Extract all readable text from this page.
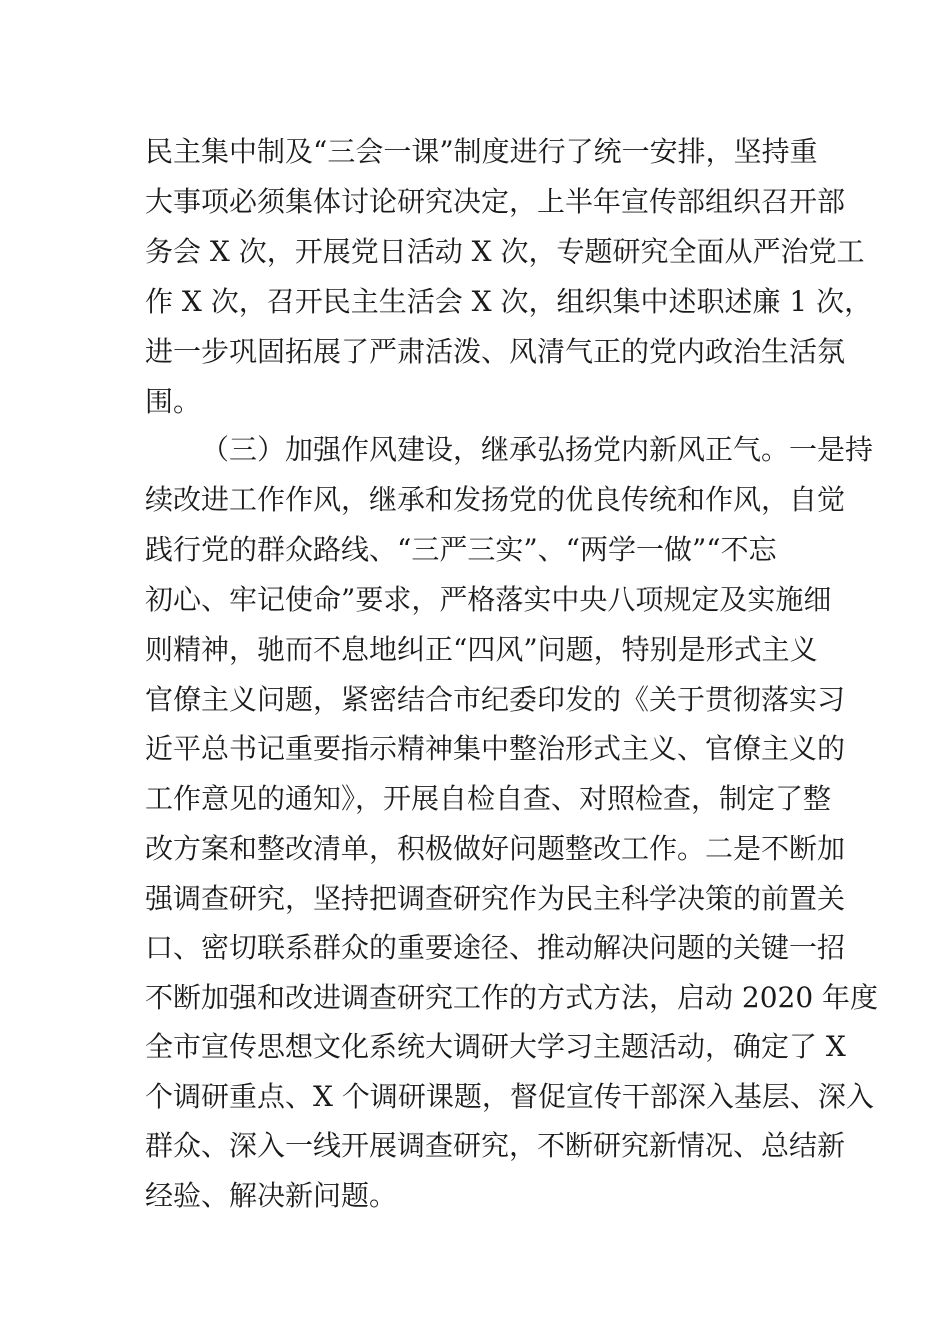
民主集中制及“三会一课”制度进行了统一安排，坚持重

大事项必须集体讨论研究决定，上半年宣传部组织召开部

务会 X 次，开展党日活动 X 次，专题研究全面从严治党工

作 X 次，召开民主生活会 X 次，组织集中述职述廉 1 次，

进一步巩固拓展了严肃活泼、风清气正的党内政治生活氛

围。

（三）加强作风建设，继承弘扬党内新风正气。一是持

续改进工作作风，继承和发扬党的优良传统和作风，自觉

践行党的群众路线、“三严三实”、“两学一做”“不忘

初心、牢记使命”要求，严格落实中央八项规定及实施细

则精神，驰而不息地纠正“四风”问题，特别是形式主义

官僚主义问题，紧密结合市纪委印发的《关于贯彻落实习

近平总书记重要指示精神集中整治形式主义、官僚主义的

工作意见的通知》，开展自检自查、对照检查，制定了整

改方案和整改清单，积极做好问题整改工作。二是不断加

强调查研究，坚持把调查研究作为民主科学决策的前置关

口、密切联系群众的重要途径、推动解决问题的关键一招

不断加强和改进调查研究工作的方式方法，启动 2020 年度

全市宣传思想文化系统大调研大学习主题活动，确定了 X

个调研重点、X 个调研课题，督促宣传干部深入基层、深入

群众、深入一线开展调查研究，不断研究新情况、总结新

经验、解决新问题。
